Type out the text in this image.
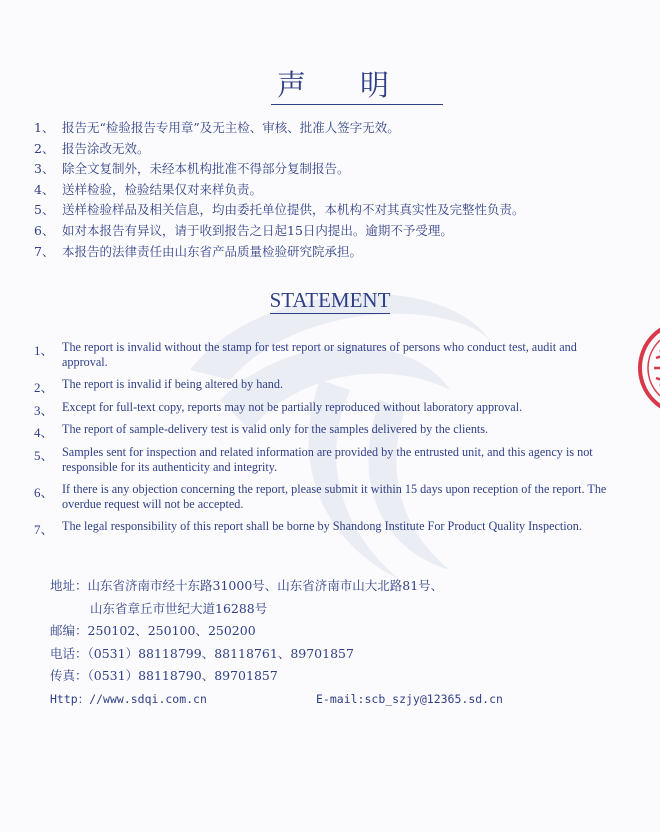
声明
1、 报告无“检验报告专用章”及无主检、审核、批准人签字无效。
2、 报告涂改无效。
3、 除全文复制外，未经本机构批准不得部分复制报告。
4、 送样检验，检验结果仅对来样负责。
5、 送样检验样品及相关信息，均由委托单位提供，本机构不对其真实性及完整性负责。
6、 如对本报告有异议，请于收到报告之日起15日内提出。逾期不予受理。
7、 本报告的法律责任由山东省产品质量检验研究院承担。
STATEMENT
1、 The report is invalid without the stamp for test report or signatures of persons who conduct test, audit and approval.
2、 The report is invalid if being altered by hand.
3、 Except for full-text copy, reports may not be partially reproduced without laboratory approval.
4、 The report of sample-delivery test is valid only for the samples delivered by the clients.
5、 Samples sent for inspection and related information are provided by the entrusted unit, and this agency is not responsible for its authenticity and integrity.
6、 If there is any objection concerning the report, please submit it within 15 days upon reception of the report. The overdue request will not be accepted.
7、 The legal responsibility of this report shall be borne by Shandong Institute For Product Quality Inspection.
地址：山东省济南市经十东路31000号、山东省济南市山大北路81号、
山东省章丘市世纪大道16288号
邮编：250102、250100、250200
电话：（0531）88118799、88118761、89701857
传真：（0531）88118790、89701857
Http：//www.sdqi.com.cn	E-mail:scb_szjy@12365.sd.cn
